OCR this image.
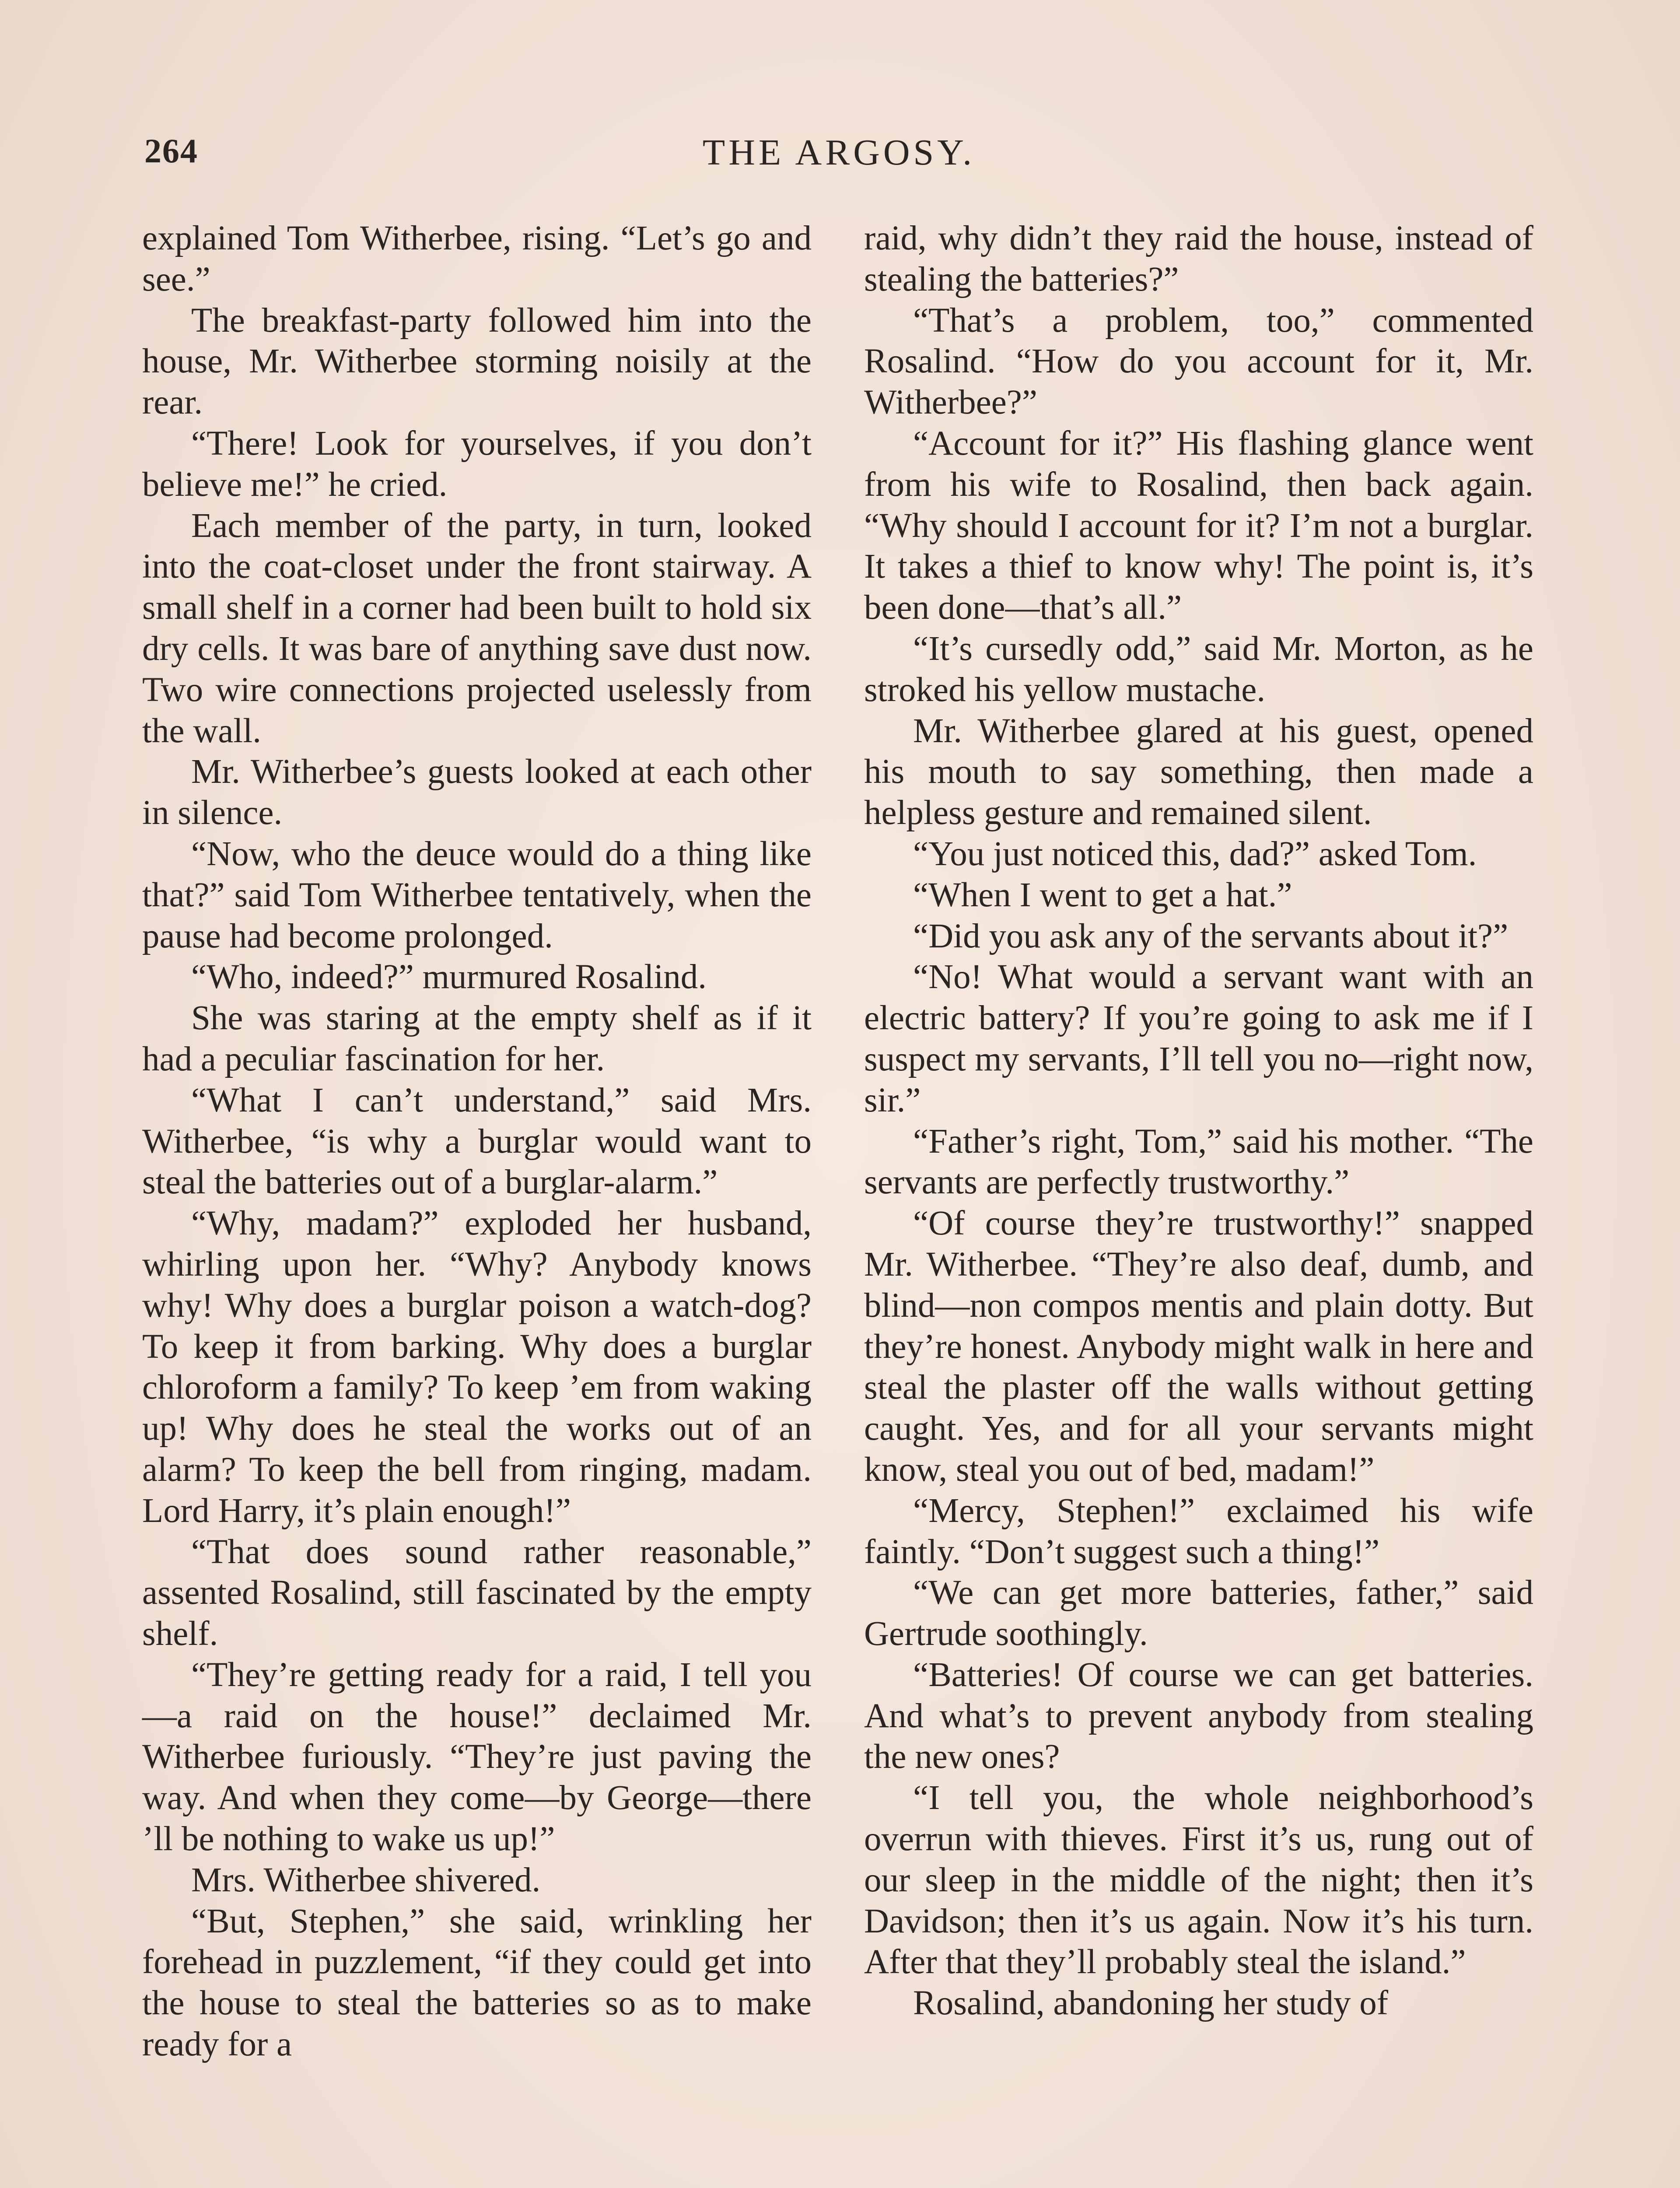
264	THE ARGOSY.

explained Tom Witherbee, rising. “Let’s go and see.”

The breakfast-party followed him into the house, Mr. Witherbee storming noisily at the rear.

“There! Look for yourselves, if you don’t believe me!” he cried.

Each member of the party, in turn, looked into the coat-closet under the front stairway. A small shelf in a corner had been built to hold six dry cells. It was bare of anything save dust now. Two wire connections projected uselessly from the wall.

Mr. Witherbee’s guests looked at each other in silence.

“Now, who the deuce would do a thing like that?” said Tom Witherbee tentatively, when the pause had become prolonged.

“Who, indeed?” murmured Rosalind.

She was staring at the empty shelf as if it had a peculiar fascination for her.

“What I can’t understand,” said Mrs. Witherbee, “is why a burglar would want to steal the batteries out of a burglar-alarm.”

“Why, madam?” exploded her husband, whirling upon her. “Why? Anybody knows why! Why does a burglar poison a watch-dog? To keep it from barking. Why does a burglar chloroform a family? To keep ’em from waking up! Why does he steal the works out of an alarm? To keep the bell from ringing, madam. Lord Harry, it’s plain enough!”

“That does sound rather reasonable,” assented Rosalind, still fascinated by the empty shelf.

“They’re getting ready for a raid, I tell you—a raid on the house!” declaimed Mr. Witherbee furiously. “They’re just paving the way. And when they come—by George—there ’ll be nothing to wake us up!”

Mrs. Witherbee shivered.

“But, Stephen,” she said, wrinkling her forehead in puzzlement, “if they could get into the house to steal the batteries so as to make ready for a

raid, why didn’t they raid the house, instead of stealing the batteries?”

“That’s a problem, too,” commented Rosalind. “How do you account for it, Mr. Witherbee?”

“Account for it?” His flashing glance went from his wife to Rosalind, then back again. “Why should I account for it? I’m not a burglar. It takes a thief to know why! The point is, it’s been done—that’s all.”

“It’s cursedly odd,” said Mr. Morton, as he stroked his yellow mustache.

Mr. Witherbee glared at his guest, opened his mouth to say something, then made a helpless gesture and remained silent.

“You just noticed this, dad?” asked Tom.

“When I went to get a hat.”

“Did you ask any of the servants about it?”

“No! What would a servant want with an electric battery? If you’re going to ask me if I suspect my servants, I’ll tell you no—right now, sir.”

“Father’s right, Tom,” said his mother. “The servants are perfectly trustworthy.”

“Of course they’re trustworthy!” snapped Mr. Witherbee. “They’re also deaf, dumb, and blind—non compos mentis and plain dotty. But they’re honest. Anybody might walk in here and steal the plaster off the walls without getting caught. Yes, and for all your servants might know, steal you out of bed, madam!”

“Mercy, Stephen!” exclaimed his wife faintly. “Don’t suggest such a thing!”

“We can get more batteries, father,” said Gertrude soothingly.

“Batteries! Of course we can get batteries. And what’s to prevent anybody from stealing the new ones?

“I tell you, the whole neighborhood’s overrun with thieves. First it’s us, rung out of our sleep in the middle of the night; then it’s Davidson; then it’s us again. Now it’s his turn. After that they’ll probably steal the island.”

Rosalind, abandoning her study of
